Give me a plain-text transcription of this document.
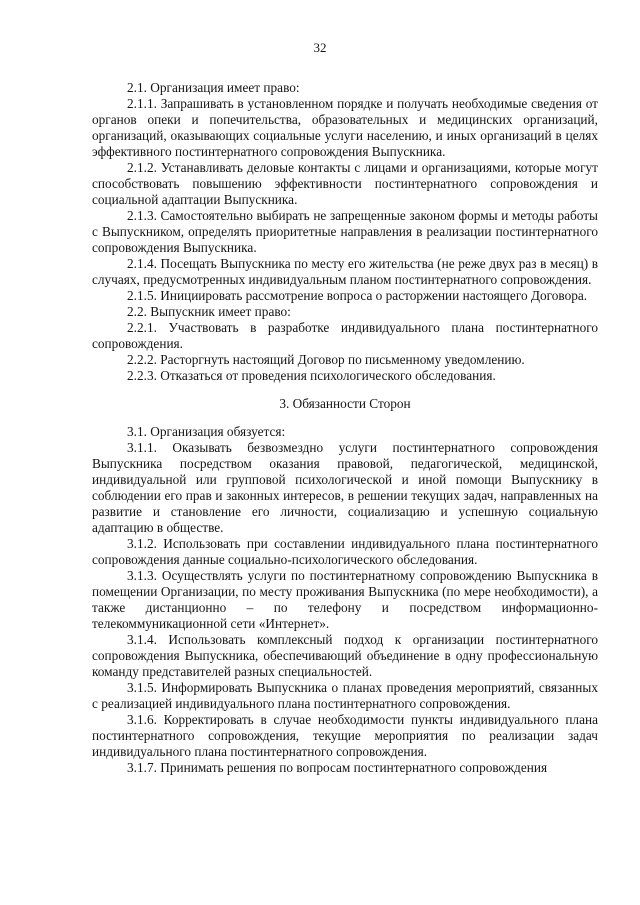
32

2.1. Организация имеет право:

2.1.1. Запрашивать в установленном порядке и получать необходимые сведения от органов опеки и попечительства, образовательных и медицинских организаций, организаций, оказывающих социальные услуги населению, и иных организаций в целях эффективного постинтернатного сопровождения Выпускника.

2.1.2. Устанавливать деловые контакты с лицами и организациями, которые могут способствовать повышению эффективности постинтернатного сопровождения и социальной адаптации Выпускника.

2.1.3. Самостоятельно выбирать не запрещенные законом формы и методы работы с Выпускником, определять приоритетные направления в реализации постинтернатного сопровождения Выпускника.

2.1.4. Посещать Выпускника по месту его жительства (не реже двух раз в месяц) в случаях, предусмотренных индивидуальным планом постинтернатного сопровождения.

2.1.5. Инициировать рассмотрение вопроса о расторжении настоящего Договора.

2.2. Выпускник имеет право:

2.2.1. Участвовать в разработке индивидуального плана постинтернатного сопровождения.

2.2.2. Расторгнуть настоящий Договор по письменному уведомлению.

2.2.3. Отказаться от проведения психологического обследования.

3. Обязанности Сторон

3.1. Организация обязуется:

3.1.1. Оказывать безвозмездно услуги постинтернатного сопровождения Выпускника посредством оказания правовой, педагогической, медицинской, индивидуальной или групповой психологической и иной помощи Выпускнику в соблюдении его прав и законных интересов, в решении текущих задач, направленных на развитие и становление его личности, социализацию и успешную социальную адаптацию в обществе.

3.1.2. Использовать при составлении индивидуального плана постинтернатного сопровождения данные социально-психологического обследования.

3.1.3. Осуществлять услуги по постинтернатному сопровождению Выпускника в помещении Организации, по месту проживания Выпускника (по мере необходимости), а также дистанционно – по телефону и посредством информационно-телекоммуникационной сети «Интернет».

3.1.4. Использовать комплексный подход к организации постинтернатного сопровождения Выпускника, обеспечивающий объединение в одну профессиональную команду представителей разных специальностей.

3.1.5. Информировать Выпускника о планах проведения мероприятий, связанных с реализацией индивидуального плана постинтернатного сопровождения.

3.1.6. Корректировать в случае необходимости пункты индивидуального плана постинтернатного сопровождения, текущие мероприятия по реализации задач индивидуального плана постинтернатного сопровождения.

3.1.7. Принимать решения по вопросам постинтернатного сопровождения
